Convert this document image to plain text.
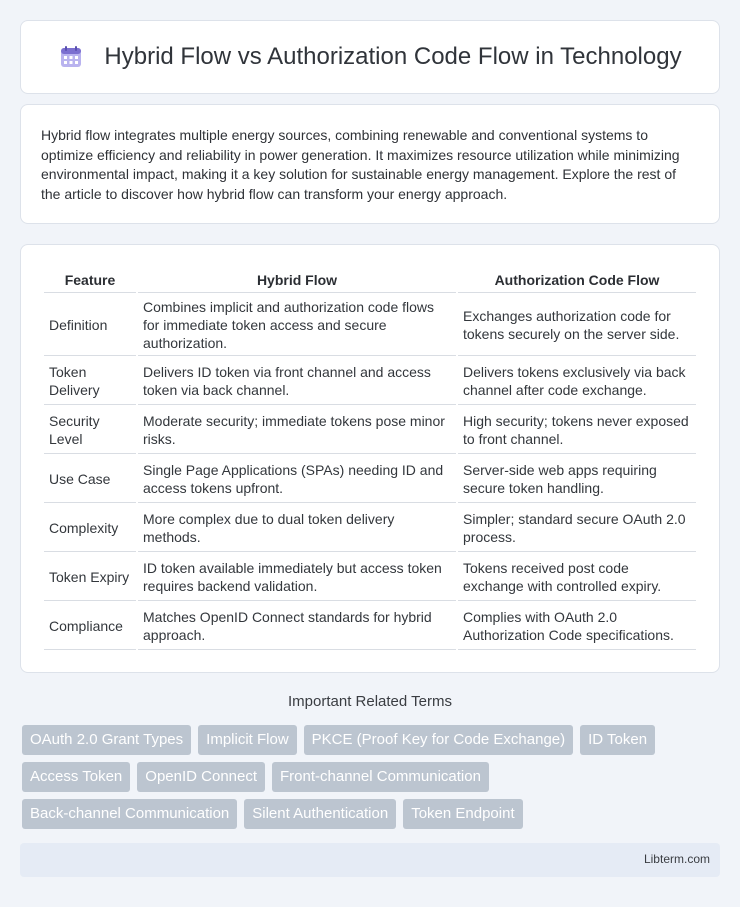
Hybrid Flow vs Authorization Code Flow in Technology

Hybrid flow integrates multiple energy sources, combining renewable and conventional systems to optimize efficiency and reliability in power generation. It maximizes resource utilization while minimizing environmental impact, making it a key solution for sustainable energy management. Explore the rest of the article to discover how hybrid flow can transform your energy approach.

Feature	Hybrid Flow	Authorization Code Flow
Definition	Combines implicit and authorization code flows for immediate token access and secure authorization.	Exchanges authorization code for tokens securely on the server side.
Token Delivery	Delivers ID token via front channel and access token via back channel.	Delivers tokens exclusively via back channel after code exchange.
Security Level	Moderate security; immediate tokens pose minor risks.	High security; tokens never exposed to front channel.
Use Case	Single Page Applications (SPAs) needing ID and access tokens upfront.	Server-side web apps requiring secure token handling.
Complexity	More complex due to dual token delivery methods.	Simpler; standard secure OAuth 2.0 process.
Token Expiry	ID token available immediately but access token requires backend validation.	Tokens received post code exchange with controlled expiry.
Compliance	Matches OpenID Connect standards for hybrid approach.	Complies with OAuth 2.0 Authorization Code specifications.
Important Related Terms
OAuth 2.0 Grant Types	Implicit Flow	PKCE (Proof Key for Code Exchange)	ID Token
Access Token	OpenID Connect	Front-channel Communication
Back-channel Communication	Silent Authentication	Token Endpoint
Libterm.com
